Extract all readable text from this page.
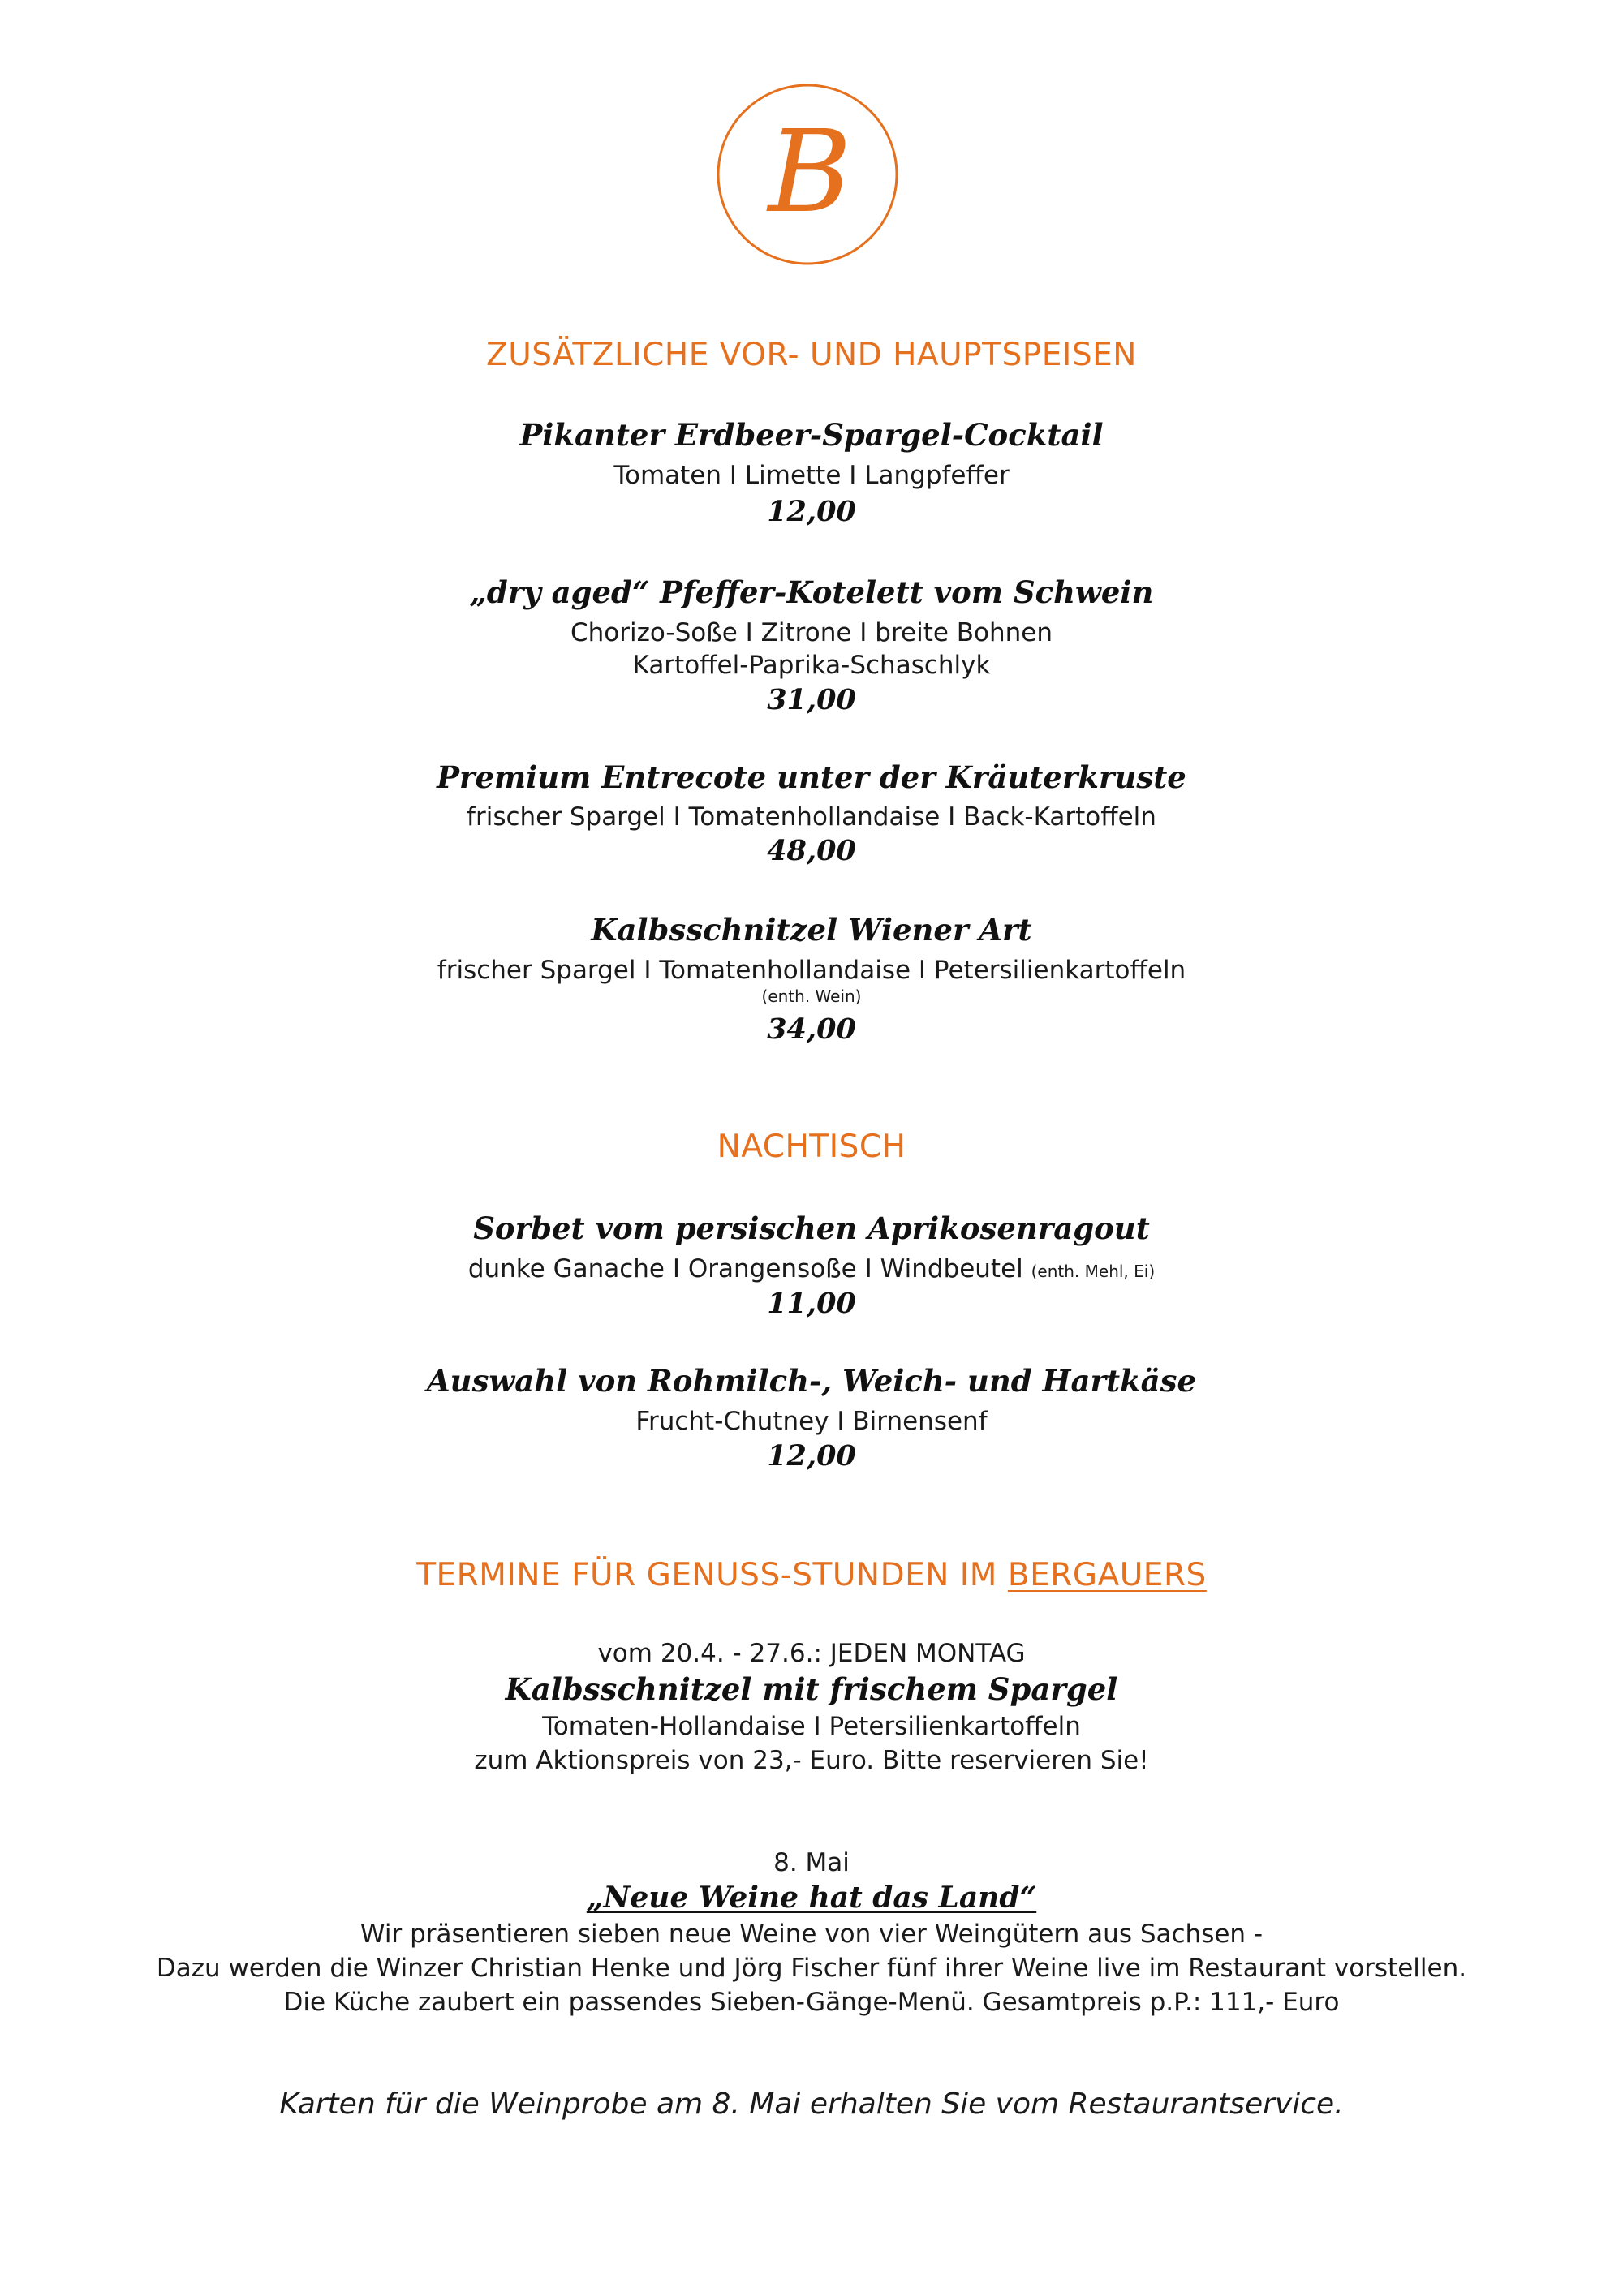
B
ZUSÄTZLICHE VOR- UND HAUPTSPEISEN
Pikanter Erdbeer-Spargel-Cocktail
Tomaten I Limette I Langpfeffer
12,00
„dry aged“ Pfeffer-Kotelett vom Schwein
Chorizo-Soße I Zitrone I breite Bohnen
Kartoffel-Paprika-Schaschlyk
31,00
Premium Entrecote unter der Kräuterkruste
frischer Spargel I Tomatenhollandaise I Back-Kartoffeln
48,00
Kalbsschnitzel Wiener Art
frischer Spargel I Tomatenhollandaise I Petersilienkartoffeln
(enth. Wein)
34,00
NACHTISCH
Sorbet vom persischen Aprikosenragout
dunke Ganache I Orangensoße I Windbeutel (enth. Mehl, Ei)
11,00
Auswahl von Rohmilch-, Weich- und Hartkäse
Frucht-Chutney I Birnensenf
12,00
TERMINE FÜR GENUSS-STUNDEN IM BERGAUERS
vom 20.4. - 27.6.: JEDEN MONTAG
Kalbsschnitzel mit frischem Spargel
Tomaten-Hollandaise I Petersilienkartoffeln
zum Aktionspreis von 23,- Euro. Bitte reservieren Sie!
8. Mai
„Neue Weine hat das Land“
Wir präsentieren sieben neue Weine von vier Weingütern aus Sachsen -
Dazu werden die Winzer Christian Henke und Jörg Fischer fünf ihrer Weine live im Restaurant vorstellen.
Die Küche zaubert ein passendes Sieben-Gänge-Menü. Gesamtpreis p.P.: 111,- Euro
Karten für die Weinprobe am 8. Mai erhalten Sie vom Restaurantservice.
